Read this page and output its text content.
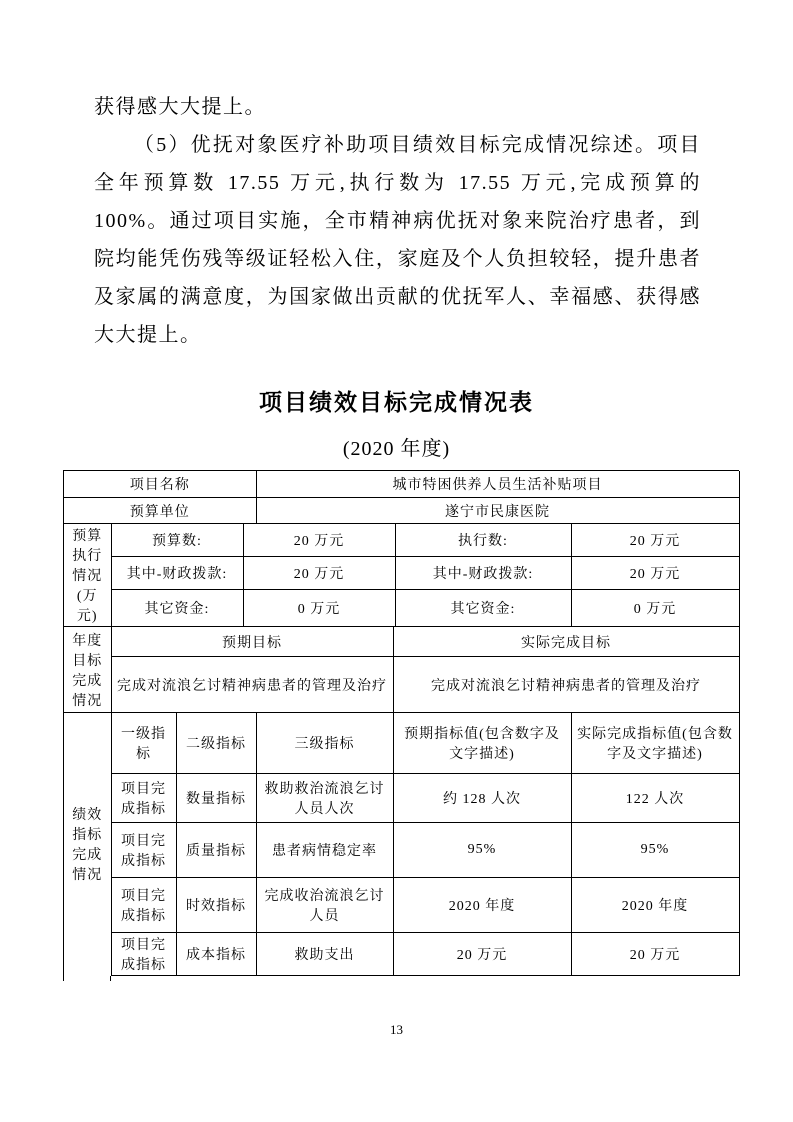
获得感大大提上。

（5）优抚对象医疗补助项目绩效目标完成情况综述。项目全年预算数 17.55 万元,执行数为 17.55 万元,完成预算的 100%。通过项目实施，全市精神病优抚对象来院治疗患者，到院均能凭伤残等级证轻松入住，家庭及个人负担较轻，提升患者及家属的满意度，为国家做出贡献的优抚军人、幸福感、获得感大大提上。

项目绩效目标完成情况表
(2020 年度)
项目名称	城市特困供养人员生活补贴项目
预算单位	遂宁市民康医院
预算执行情况(万元)	预算数:	20 万元	执行数:	20 万元
	其中-财政拨款:	20 万元	其中-财政拨款:	20 万元
	其它资金:	0 万元	其它资金:	0 万元
年度目标完成情况	预期目标	实际完成目标
	完成对流浪乞讨精神病患者的管理及治疗	完成对流浪乞讨精神病患者的管理及治疗
绩效指标完成情况	一级指标	二级指标	三级指标	预期指标值(包含数字及文字描述)	实际完成指标值(包含数字及文字描述)
	项目完成指标	数量指标	救助救治流浪乞讨人员人次	约 128 人次	122 人次
	项目完成指标	质量指标	患者病情稳定率	95%	95%
	项目完成指标	时效指标	完成收治流浪乞讨人员	2020 年度	2020 年度
	项目完成指标	成本指标	救助支出	20 万元	20 万元
13
